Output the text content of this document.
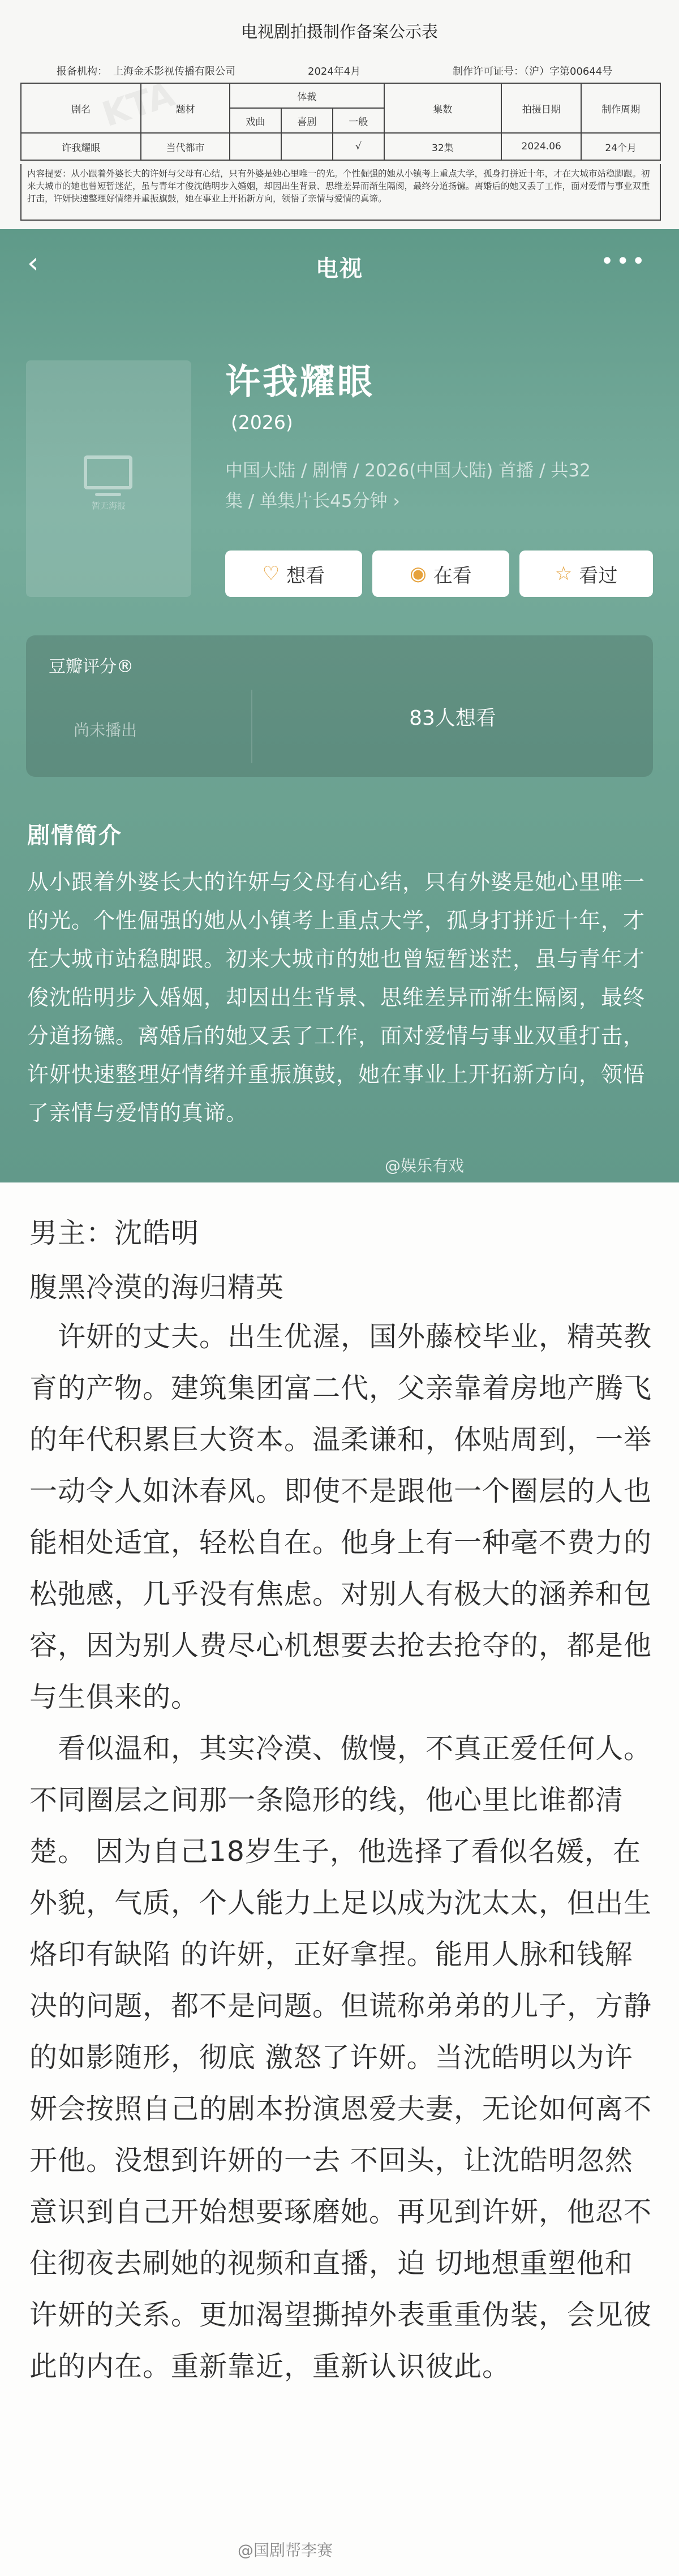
KTA
电视剧拍摄制作备案公示表
报备机构： 上海金禾影视传播有限公司	2024年4月	制作许可证号：（沪）字第00644号
剧名	题材	体裁			集数	拍摄日期	制作周期
		戏曲	喜剧	一般			
许我耀眼	当代都市			√	32集	2024.06	24个月
内容提要：从小跟着外婆长大的许妍与父母有心结，只有外婆是她心里唯一的光。个性倔强的她从小镇考上重点大学，孤身打拼近十年，才在大城市站稳脚跟。初来大城市的她也曾短暂迷茫，虽与青年才俊沈皓明步入婚姻，却因出生背景、思维差异而渐生隔阂，最终分道扬镳。离婚后的她又丢了工作，面对爱情与事业双重打击，许妍快速整理好情绪并重振旗鼓，她在事业上开拓新方向，领悟了亲情与爱情的真谛。
‹	电视	•••
暂无海报
许我耀眼
(2026)
中国大陆 / 剧情 / 2026(中国大陆) 首播 / 共32
集 / 单集片长45分钟 ›
♡ 想看	◉ 在看	☆ 看过
豆瓣评分®
尚未播出
83人想看
剧情简介
从小跟着外婆长大的许妍与父母有心结，只有外婆是她心里唯一的光。个性倔强的她从小镇考上重点大学，孤身打拼近十年，才在大城市站稳脚跟。初来大城市的她也曾短暂迷茫，虽与青年才俊沈皓明步入婚姻，却因出生背景、思维差异而渐生隔阂，最终分道扬镳。离婚后的她又丢了工作，面对爱情与事业双重打击，许妍快速整理好情绪并重振旗鼓，她在事业上开拓新方向，领悟了亲情与爱情的真谛。
@娱乐有戏
男主：沈皓明
腹黑冷漠的海归精英
　许妍的丈夫。出生优渥，国外藤校毕业，精英教育的产物。建筑集团富二代，父亲靠着房地产腾飞的年代积累巨大资本。温柔谦和，体贴周到，一举一动令人如沐春风。即使不是跟他一个圈层的人也能相处适宜，轻松自在。他身上有一种毫不费力的松弛感，几乎没有焦虑。对别人有极大的涵养和包容，因为别人费尽心机想要去抢去抢夺的，都是他与生俱来的。
　看似温和，其实冷漠、傲慢，不真正爱任何人。不同圈层之间那一条隐形的线，他心里比谁都清楚。 因为自己18岁生子，他选择了看似名媛，在外貌，气质，个人能力上足以成为沈太太，但出生烙印有缺陷 的许妍，正好拿捏。能用人脉和钱解决的问题，都不是问题。但谎称弟弟的儿子，方静的如影随形，彻底 激怒了许妍。当沈皓明以为许妍会按照自己的剧本扮演恩爱夫妻，无论如何离不开他。没想到许妍的一去 不回头，让沈皓明忽然意识到自己开始想要琢磨她。再见到许妍，他忍不住彻夜去刷她的视频和直播，迫 切地想重塑他和许妍的关系。更加渴望撕掉外表重重伪装，会见彼此的内在。重新靠近，重新认识彼此。
@国剧帮李赛
